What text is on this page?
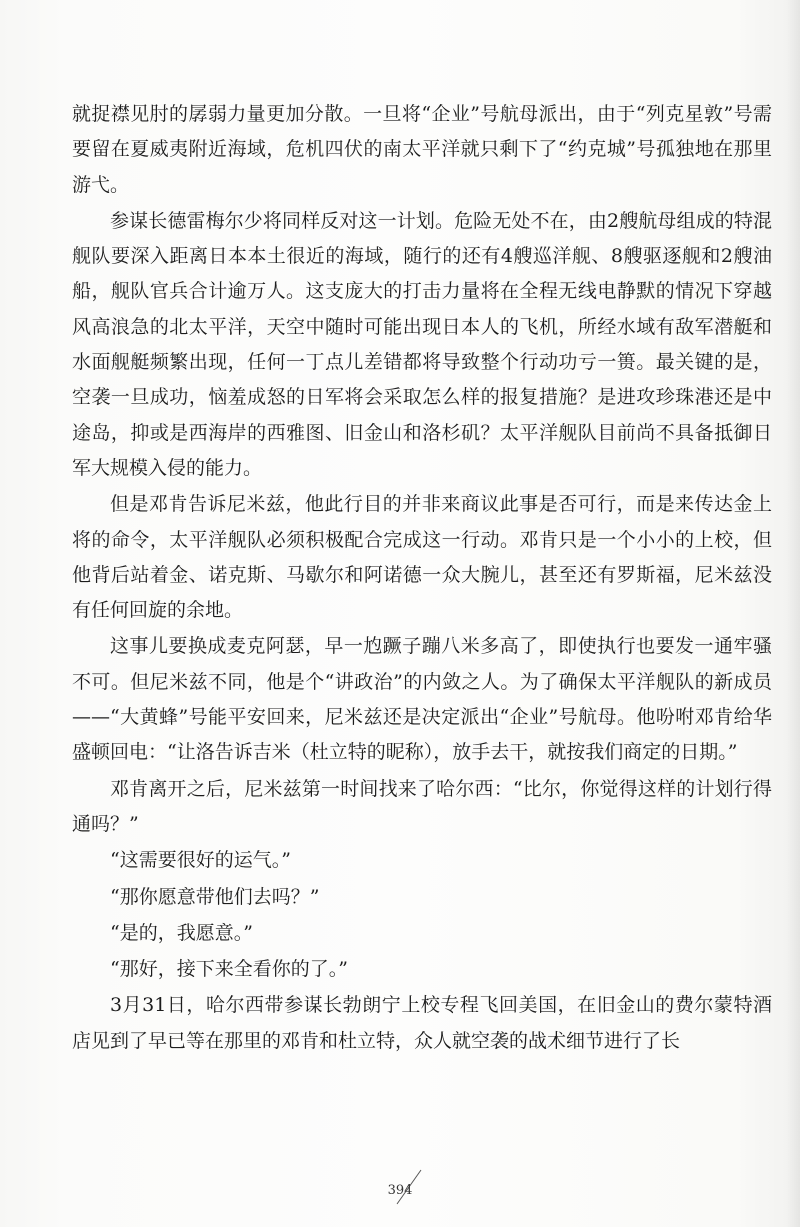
就捉襟见肘的孱弱力量更加分散。一旦将“企业”号航母派出，由于“列克星敦”号需要留在夏威夷附近海域，危机四伏的南太平洋就只剩下了“约克城”号孤独地在那里游弋。

参谋长德雷梅尔少将同样反对这一计划。危险无处不在，由2艘航母组成的特混舰队要深入距离日本本土很近的海域，随行的还有4艘巡洋舰、8艘驱逐舰和2艘油船，舰队官兵合计逾万人。这支庞大的打击力量将在全程无线电静默的情况下穿越风高浪急的北太平洋，天空中随时可能出现日本人的飞机，所经水域有敌军潜艇和水面舰艇频繁出现，任何一丁点儿差错都将导致整个行动功亏一篑。最关键的是，空袭一旦成功，恼羞成怒的日军将会采取怎么样的报复措施？是进攻珍珠港还是中途岛，抑或是西海岸的西雅图、旧金山和洛杉矶？太平洋舰队目前尚不具备抵御日军大规模入侵的能力。

但是邓肯告诉尼米兹，他此行目的并非来商议此事是否可行，而是来传达金上将的命令，太平洋舰队必须积极配合完成这一行动。邓肯只是一个小小的上校，但他背后站着金、诺克斯、马歇尔和阿诺德一众大腕儿，甚至还有罗斯福，尼米兹没有任何回旋的余地。

这事儿要换成麦克阿瑟，早一尥蹶子蹦八米多高了，即使执行也要发一通牢骚不可。但尼米兹不同，他是个“讲政治”的内敛之人。为了确保太平洋舰队的新成员——“大黄蜂”号能平安回来，尼米兹还是决定派出“企业”号航母。他吩咐邓肯给华盛顿回电：“让洛告诉吉米（杜立特的昵称），放手去干，就按我们商定的日期。”

邓肯离开之后，尼米兹第一时间找来了哈尔西：“比尔，你觉得这样的计划行得通吗？”

“这需要很好的运气。”

“那你愿意带他们去吗？”

“是的，我愿意。”

“那好，接下来全看你的了。”

3月31日，哈尔西带参谋长勃朗宁上校专程飞回美国，在旧金山的费尔蒙特酒店见到了早已等在那里的邓肯和杜立特，众人就空袭的战术细节进行了长

394
